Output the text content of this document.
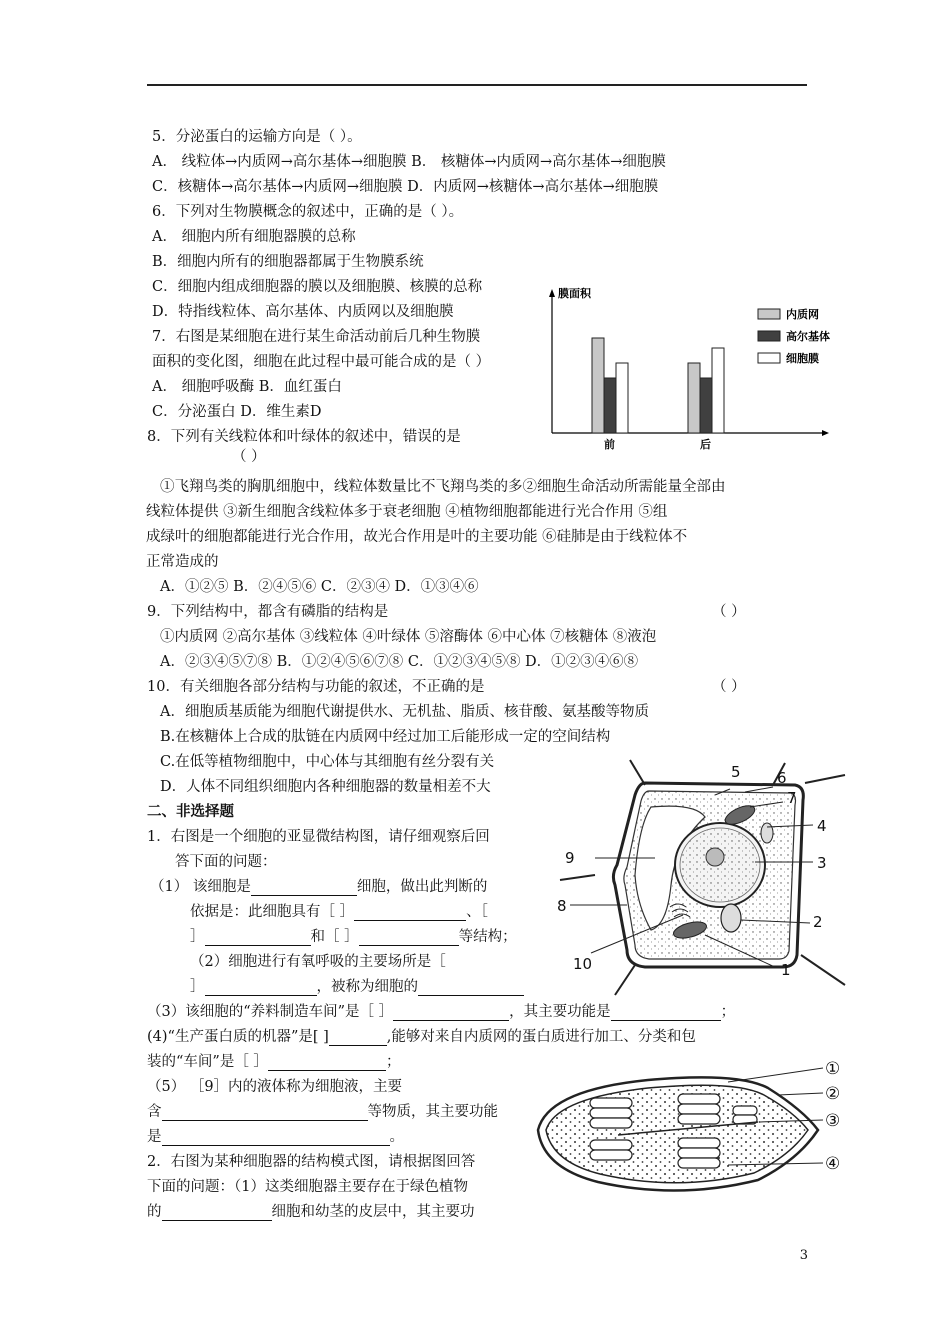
5．分泌蛋白的运输方向是（ ）。
A． 线粒体→内质网→高尔基体→细胞膜 B． 核糖体→内质网→高尔基体→细胞膜
C．核糖体→高尔基体→内质网→细胞膜 D．内质网→核糖体→高尔基体→细胞膜
6．下列对生物膜概念的叙述中，正确的是（ ）。
A． 细胞内所有细胞器膜的总称
B．细胞内所有的细胞器都属于生物膜系统
C．细胞内组成细胞器的膜以及细胞膜、核膜的总称
D．特指线粒体、高尔基体、内质网以及细胞膜
7．右图是某细胞在进行某生命活动前后几种生物膜
面积的变化图，细胞在此过程中最可能合成的是（ ）
A． 细胞呼吸酶 B．血红蛋白
C．分泌蛋白 D．维生素D
8．下列有关线粒体和叶绿体的叙述中，错误的是
（ ）
①飞翔鸟类的胸肌细胞中，线粒体数量比不飞翔鸟类的多②细胞生命活动所需能量全部由
线粒体提供 ③新生细胞含线粒体多于衰老细胞 ④植物细胞都能进行光合作用 ⑤组
成绿叶的细胞都能进行光合作用，故光合作用是叶的主要功能 ⑥硅肺是由于线粒体不
正常造成的
A．①②⑤ B．②④⑤⑥ C．②③④ D．①③④⑥
9．下列结构中，都含有磷脂的结构是	（ ）
①内质网 ②高尔基体 ③线粒体 ④叶绿体 ⑤溶酶体 ⑥中心体 ⑦核糖体 ⑧液泡
A．②③④⑤⑦⑧ B．①②④⑤⑥⑦⑧ C．①②③④⑤⑧ D．①②③④⑥⑧
10．有关细胞各部分结构与功能的叙述，不正确的是	（ ）
A．细胞质基质能为细胞代谢提供水、无机盐、脂质、核苷酸、氨基酸等物质
B.在核糖体上合成的肽链在内质网中经过加工后能形成一定的空间结构
C.在低等植物细胞中，中心体与其细胞有丝分裂有关
D．人体不同组织细胞内各种细胞器的数量相差不大
膜面积
前	后
内质网
高尔基体
细胞膜
二、非选择题
1．右图是一个细胞的亚显微结构图，请仔细观察后回
答下面的问题：
（1） 该细胞是	细胞，做出此判断的
依据是：此细胞具有［ ］	、［
］	和［ ］	等结构；
（2）细胞进行有氧呼吸的主要场所是［
］	，被称为细胞的
（3）该细胞的“养料制造车间”是［ ］	，其主要功能是	；
(4)“生产蛋白质的机器”是[ ]	,能够对来自内质网的蛋白质进行加工、分类和包
装的“车间”是［ ］	；
（5） ［9］内的液体称为细胞液，主要
含	等物质，其主要功能
是	。
2．右图为某种细胞器的结构模式图，请根据图回答
下面的问题：（1）这类细胞器主要存在于绿色植物
的	细胞和幼茎的皮层中，其主要功
5 6
7
4
9	3
8
2
10	1
①
②
③
④
3
